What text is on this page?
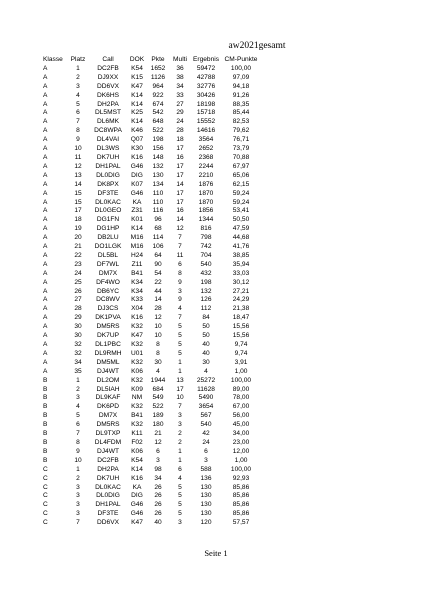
aw2021gesamt
Klasse	Platz	Call	DOK	Pkte	Multi	Ergebnis	CM-Punkte
A	1	DC2FB	K54	1652	36	59472	100,00
A	2	DJ9XX	K15	1126	38	42788	97,09
A	3	DD6VX	K47	964	34	32776	94,18
A	4	DK6HS	K14	922	33	30426	91,26
A	5	DH2PA	K14	674	27	18198	88,35
A	6	DL5MST	K25	542	29	15718	85,44
A	7	DL6MK	K14	648	24	15552	82,53
A	8	DC8WPA	K46	522	28	14616	79,62
A	9	DL4VAI	Q07	198	18	3564	76,71
A	10	DL3WS	K30	156	17	2652	73,79
A	11	DK7UH	K16	148	16	2368	70,88
A	12	DH1PAL	G46	132	17	2244	67,97
A	13	DL0DIG	DIG	130	17	2210	65,06
A	14	DK8PX	K07	134	14	1876	62,15
A	15	DF3TE	G46	110	17	1870	59,24
A	15	DL0KAC	KA	110	17	1870	59,24
A	17	DL0GEO	Z31	116	16	1856	53,41
A	18	DG1FN	K01	96	14	1344	50,50
A	19	DG1HP	K14	68	12	816	47,59
A	20	DB2LU	M16	114	7	798	44,68
A	21	DO1LGK	M16	106	7	742	41,76
A	22	DL5BL	H24	64	11	704	38,85
A	23	DF7WL	Z11	90	6	540	35,94
A	24	DM7X	B41	54	8	432	33,03
A	25	DF4WO	K34	22	9	198	30,12
A	26	DB6YC	K34	44	3	132	27,21
A	27	DC8WV	K33	14	9	126	24,29
A	28	DJ3CS	X04	28	4	112	21,38
A	29	DK1PVA	K16	12	7	84	18,47
A	30	DM5RS	K32	10	5	50	15,56
A	30	DK7UP	K47	10	5	50	15,56
A	32	DL1PBC	K32	8	5	40	9,74
A	32	DL9RMH	U01	8	5	40	9,74
A	34	DM5ML	K32	30	1	30	3,91
A	35	DJ4WT	K06	4	1	4	1,00
B	1	DL2OM	K32	1944	13	25272	100,00
B	2	DL5IAH	K09	684	17	11628	89,00
B	3	DL9KAF	NM	549	10	5490	78,00
B	4	DK6PD	K32	522	7	3654	67,00
B	5	DM7X	B41	189	3	567	56,00
B	6	DM5RS	K32	180	3	540	45,00
B	7	DL9TXP	K11	21	2	42	34,00
B	8	DL4FDM	F02	12	2	24	23,00
B	9	DJ4WT	K06	6	1	6	12,00
B	10	DC2FB	K54	3	1	3	1,00
C	1	DH2PA	K14	98	6	588	100,00
C	2	DK7UH	K16	34	4	136	92,93
C	3	DL0KAC	KA	26	5	130	85,86
C	3	DL0DIG	DIG	26	5	130	85,86
C	3	DH1PAL	G46	26	5	130	85,86
C	3	DF3TE	G46	26	5	130	85,86
C	7	DD6VX	K47	40	3	120	57,57
Seite 1
